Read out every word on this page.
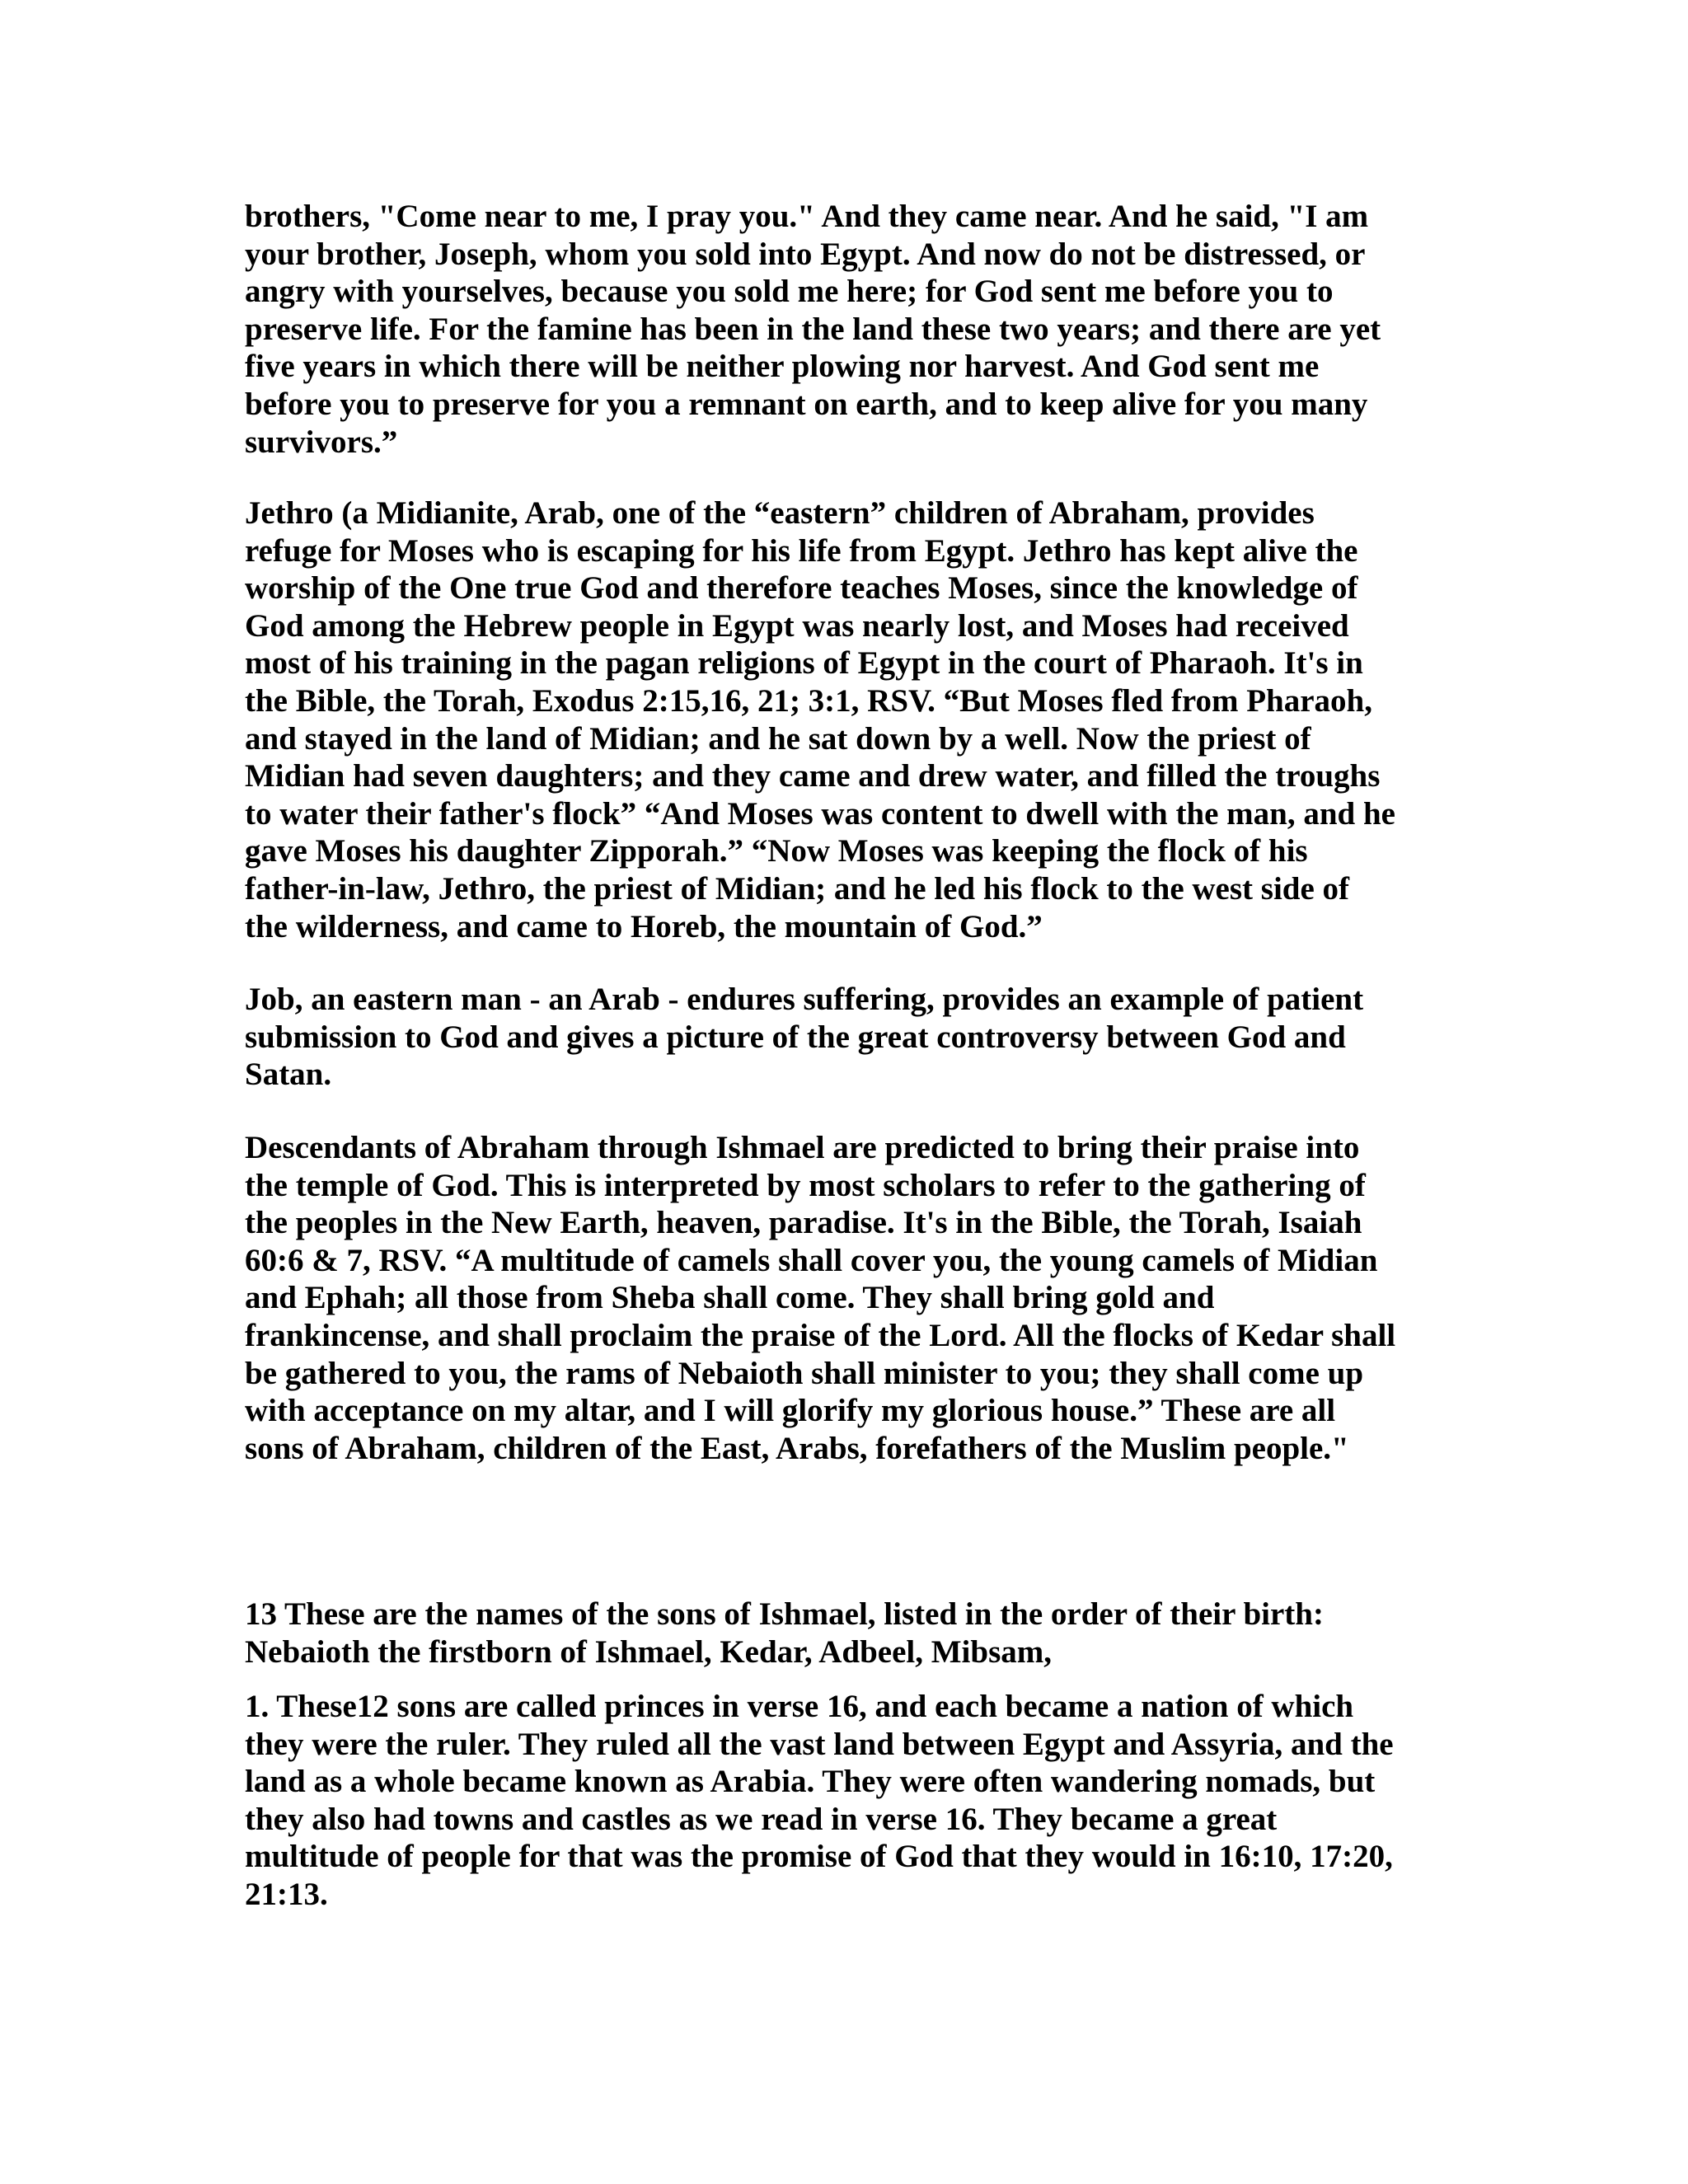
brothers, "Come near to me, I pray you." And they came near. And he said, "I am
your brother, Joseph, whom you sold into Egypt. And now do not be distressed, or
angry with yourselves, because you sold me here; for God sent me before you to
preserve life. For the famine has been in the land these two years; and there are yet
five years in which there will be neither plowing nor harvest. And God sent me
before you to preserve for you a remnant on earth, and to keep alive for you many
survivors.”

Jethro (a Midianite, Arab, one of the “eastern” children of Abraham, provides
refuge for Moses who is escaping for his life from Egypt. Jethro has kept alive the
worship of the One true God and therefore teaches Moses, since the knowledge of
God among the Hebrew people in Egypt was nearly lost, and Moses had received
most of his training in the pagan religions of Egypt in the court of Pharaoh. It's in
the Bible, the Torah, Exodus 2:15,16, 21; 3:1, RSV. “But Moses fled from Pharaoh,
and stayed in the land of Midian; and he sat down by a well. Now the priest of
Midian had seven daughters; and they came and drew water, and filled the troughs
to water their father's flock” “And Moses was content to dwell with the man, and he
gave Moses his daughter Zipporah.” “Now Moses was keeping the flock of his
father-in-law, Jethro, the priest of Midian; and he led his flock to the west side of
the wilderness, and came to Horeb, the mountain of God.”

Job, an eastern man - an Arab - endures suffering, provides an example of patient
submission to God and gives a picture of the great controversy between God and
Satan.

Descendants of Abraham through Ishmael are predicted to bring their praise into
the temple of God. This is interpreted by most scholars to refer to the gathering of
the peoples in the New Earth, heaven, paradise. It's in the Bible, the Torah, Isaiah
60:6 & 7, RSV. “A multitude of camels shall cover you, the young camels of Midian
and Ephah; all those from Sheba shall come. They shall bring gold and
frankincense, and shall proclaim the praise of the Lord. All the flocks of Kedar shall
be gathered to you, the rams of Nebaioth shall minister to you; they shall come up
with acceptance on my altar, and I will glorify my glorious house.” These are all
sons of Abraham, children of the East, Arabs, forefathers of the Muslim people."

13 These are the names of the sons of Ishmael, listed in the order of their birth:
Nebaioth the firstborn of Ishmael, Kedar, Adbeel, Mibsam,

1. These12 sons are called princes in verse 16, and each became a nation of which
they were the ruler. They ruled all the vast land between Egypt and Assyria, and the
land as a whole became known as Arabia. They were often wandering nomads, but
they also had towns and castles as we read in verse 16. They became a great
multitude of people for that was the promise of God that they would in 16:10, 17:20,
21:13.
